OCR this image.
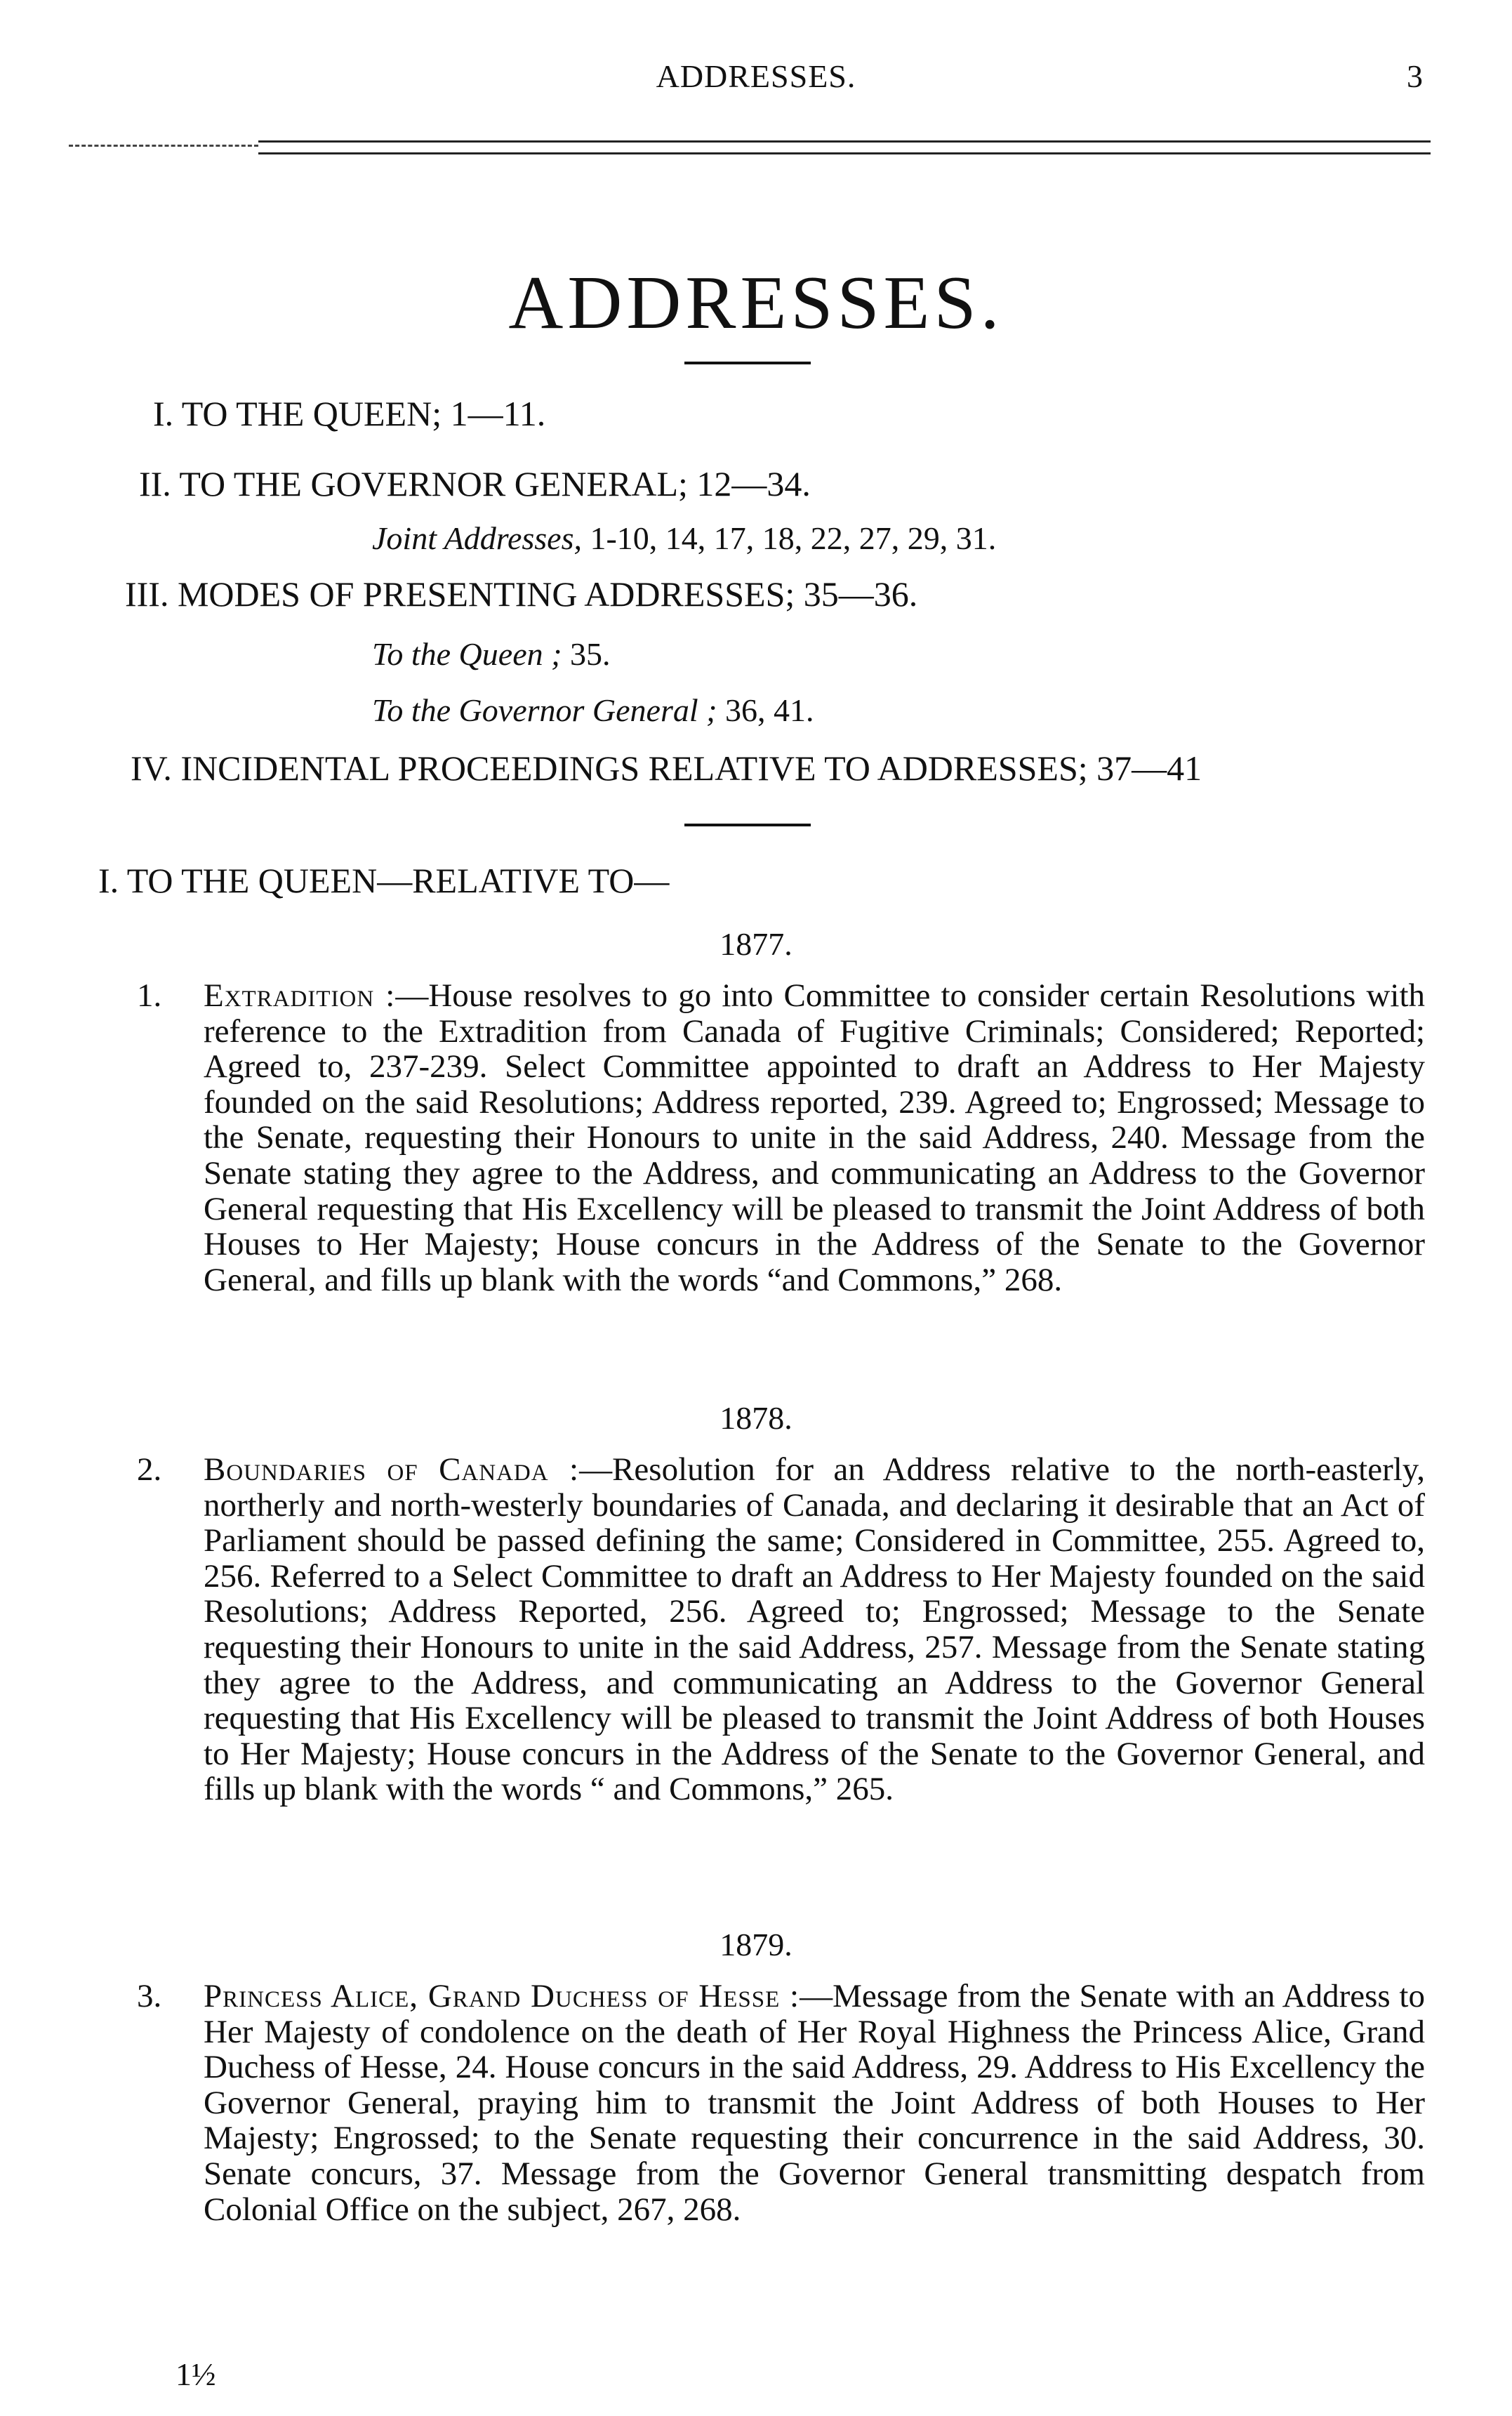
ADDRESSES.	3
ADDRESSES.
I. TO THE QUEEN; 1—11.
II. TO THE GOVERNOR GENERAL; 12—34.
Joint Addresses, 1-10, 14, 17, 18, 22, 27, 29, 31.
III. MODES OF PRESENTING ADDRESSES; 35—36.
To the Queen ; 35.
To the Governor General ; 36, 41.
IV. INCIDENTAL PROCEEDINGS RELATIVE TO ADDRESSES; 37—41
I. TO THE QUEEN—RELATIVE TO—
1877.
1. Extradition :—House resolves to go into Committee to consider certain Resolutions with reference to the Extradition from Canada of Fugitive Criminals; Considered; Reported; Agreed to, 237-239. Select Committee appointed to draft an Address to Her Majesty founded on the said Resolutions; Address reported, 239. Agreed to; Engrossed; Message to the Senate, requesting their Honours to unite in the said Address, 240. Message from the Senate stating they agree to the Address, and communicating an Address to the Governor General requesting that His Excellency will be pleased to transmit the Joint Address of both Houses to Her Majesty; House concurs in the Address of the Senate to the Governor General, and fills up blank with the words “and Commons,” 268.
1878.
2. Boundaries of Canada :—Resolution for an Address relative to the north-easterly, northerly and north-westerly boundaries of Canada, and declaring it desirable that an Act of Parliament should be passed defining the same; Considered in Committee, 255. Agreed to, 256. Referred to a Select Committee to draft an Address to Her Majesty founded on the said Resolutions; Address Reported, 256. Agreed to; Engrossed; Message to the Senate requesting their Honours to unite in the said Address, 257. Message from the Senate stating they agree to the Address, and communicating an Address to the Governor General requesting that His Excellency will be pleased to transmit the Joint Address of both Houses to Her Majesty; House concurs in the Address of the Senate to the Governor General, and fills up blank with the words “ and Commons,” 265.
1879.
3. Princess Alice, Grand Duchess of Hesse :—Message from the Senate with an Address to Her Majesty of condolence on the death of Her Royal Highness the Princess Alice, Grand Duchess of Hesse, 24. House concurs in the said Address, 29. Address to His Excellency the Governor General, praying him to transmit the Joint Address of both Houses to Her Majesty; Engrossed; to the Senate requesting their concurrence in the said Address, 30. Senate concurs, 37. Message from the Governor General transmitting despatch from Colonial Office on the subject, 267, 268.
1½
